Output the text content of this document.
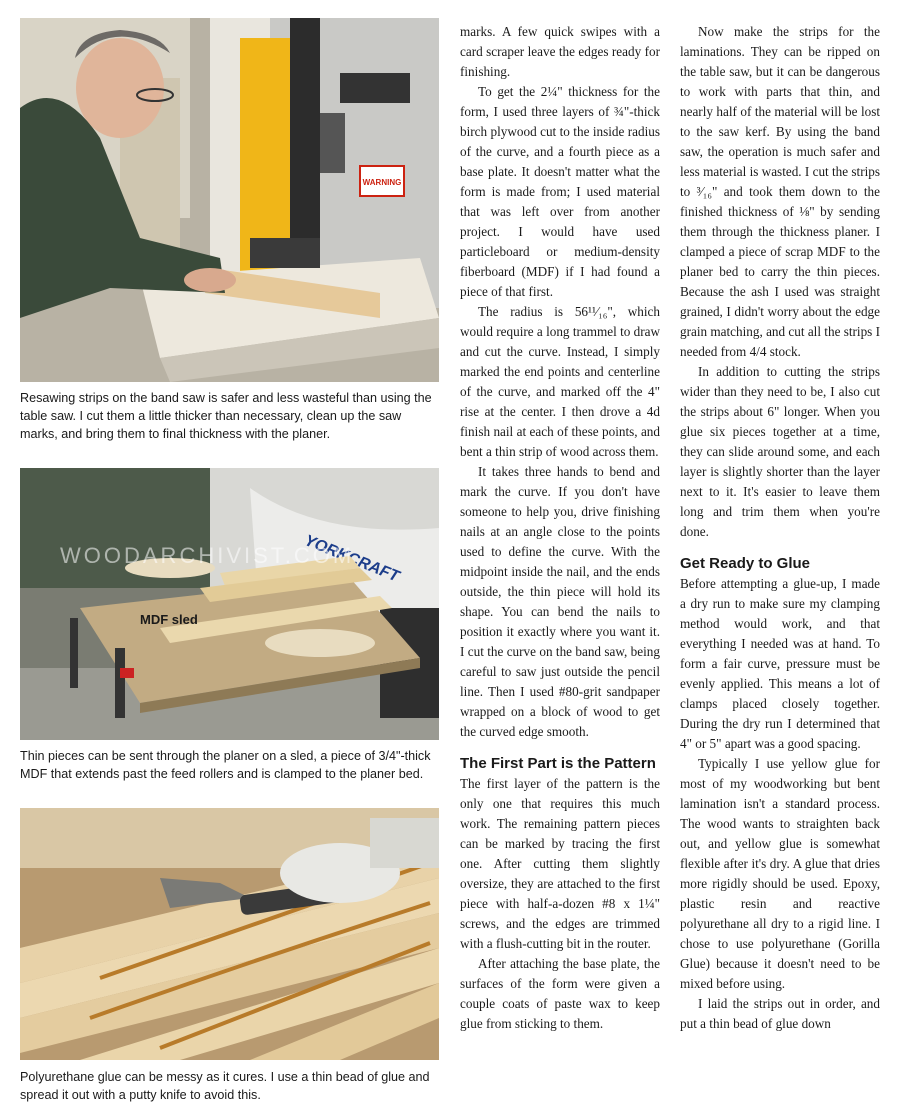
WARNING
Resawing strips on the band saw is safer and less wasteful than using the table saw. I cut them a little thicker than necessary, clean up the saw marks, and bring them to final thickness with the planer.
MDF sled
WOODARCHIVIST.COM
Thin pieces can be sent through the planer on a sled, a piece of 3/4"-thick MDF that extends past the feed rollers and is clamped to the planer bed.
Polyurethane glue can be messy as it cures. I use a thin bead of glue and spread it out with a putty knife to avoid this.

marks. A few quick swipes with a card scraper leave the edges ready for finishing.

To get the 2¼" thickness for the form, I used three layers of ¾"-thick birch plywood cut to the inside radius of the curve, and a fourth piece as a base plate. It doesn't matter what the form is made from; I used material that was left over from another project. I would have used particleboard or medium-density fiberboard (MDF) if I had found a piece of that first.

The radius is 56¹¹⁄₁₆", which would require a long trammel to draw and cut the curve. Instead, I simply marked the end points and centerline of the curve, and marked off the 4" rise at the center. I then drove a 4d finish nail at each of these points, and bent a thin strip of wood across them.

It takes three hands to bend and mark the curve. If you don't have someone to help you, drive finishing nails at an angle close to the points used to define the curve. With the midpoint inside the nail, and the ends outside, the thin piece will hold its shape. You can bend the nails to position it exactly where you want it. I cut the curve on the band saw, being careful to saw just outside the pencil line. Then I used #80-grit sandpaper wrapped on a block of wood to get the curved edge smooth.

The First Part is the Pattern

The first layer of the pattern is the only one that requires this much work. The remaining pattern pieces can be marked by tracing the first one. After cutting them slightly oversize, they are attached to the first piece with half-a-dozen #8 x 1¼" screws, and the edges are trimmed with a flush-cutting bit in the router.

After attaching the base plate, the surfaces of the form were given a couple coats of paste wax to keep glue from sticking to them.

Now make the strips for the laminations. They can be ripped on the table saw, but it can be dangerous to work with parts that thin, and nearly half of the material will be lost to the saw kerf. By using the band saw, the operation is much safer and less material is wasted. I cut the strips to ³⁄₁₆" and took them down to the finished thickness of ⅛" by sending them through the thickness planer. I clamped a piece of scrap MDF to the planer bed to carry the thin pieces. Because the ash I used was straight grained, I didn't worry about the edge grain matching, and cut all the strips I needed from 4/4 stock.

In addition to cutting the strips wider than they need to be, I also cut the strips about 6" longer. When you glue six pieces together at a time, they can slide around some, and each layer is slightly shorter than the layer next to it. It's easier to leave them long and trim them when you're done.

Get Ready to Glue

Before attempting a glue-up, I made a dry run to make sure my clamping method would work, and that everything I needed was at hand. To form a fair curve, pressure must be evenly applied. This means a lot of clamps placed closely together. During the dry run I determined that 4" or 5" apart was a good spacing.

Typically I use yellow glue for most of my woodworking but bent lamination isn't a standard process. The wood wants to straighten back out, and yellow glue is somewhat flexible after it's dry. A glue that dries more rigidly should be used. Epoxy, plastic resin and reactive polyurethane all dry to a rigid line. I chose to use polyurethane (Gorilla Glue) because it doesn't need to be mixed before using.

I laid the strips out in order, and put a thin bead of glue down
